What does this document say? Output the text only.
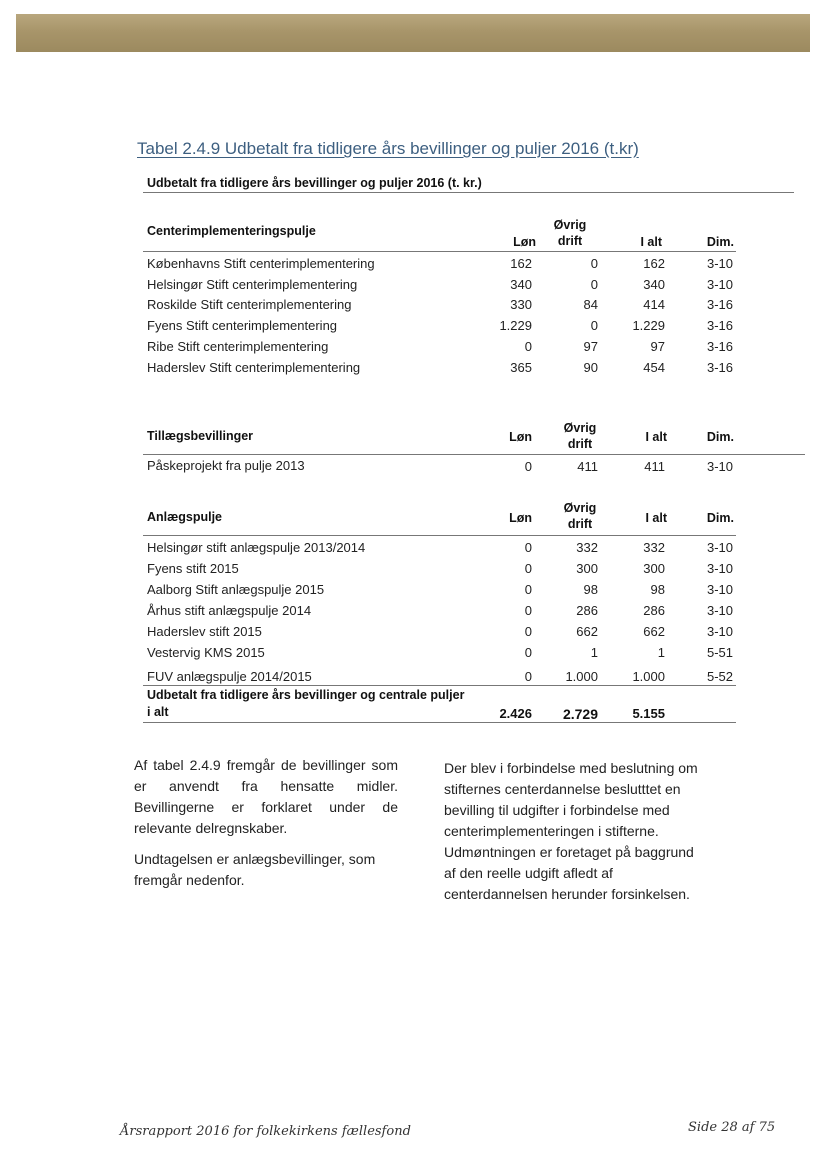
Tabel 2.4.9 Udbetalt fra tidligere års bevillinger og puljer 2016 (t.kr)
Udbetalt fra tidligere års bevillinger og puljer 2016 (t. kr.)
Centerimplementeringspulje
Løn
Øvrig
drift	I alt	Dim.
Københavns Stift centerimplementering	162	0	162	3-10
Helsingør Stift centerimplementering	340	0	340	3-10
Roskilde Stift centerimplementering	330	84	414	3-16
Fyens Stift centerimplementering	1.229	0	1.229	3-16
Ribe Stift centerimplementering	0	97	97	3-16
Haderslev Stift centerimplementering	365	90	454	3-16
Tillægsbevillinger	Løn
Øvrig
drift	I alt	Dim.
Påskeprojekt fra pulje 2013	0	411	411	3-10
Anlægspulje	Løn
Øvrig
drift	I alt	Dim.
Helsingør stift anlægspulje 2013/2014	0	332	332	3-10
Fyens stift 2015	0	300	300	3-10
Aalborg Stift anlægspulje 2015	0	98	98	3-10
Århus stift anlægspulje 2014	0	286	286	3-10
Haderslev stift 2015	0	662	662	3-10
Vestervig KMS 2015	0	1	1	5-51
FUV anlægspulje 2014/2015	0	1.000	1.000	5-52
Udbetalt fra tidligere års bevillinger og centrale puljer
i alt	2.426	2.729	5.155

Af tabel 2.4.9 fremgår de bevillinger som er anvendt fra hensatte midler. Bevillingerne er forklaret under de relevante delregnskaber.

Undtagelsen er anlægsbevillinger, som fremgår nedenfor.

Der blev i forbindelse med beslutning om stifternes centerdannelse beslutttet en bevilling til udgifter i forbindelse med centerimplementeringen i stifterne. Udmøntningen er foretaget på baggrund af den reelle udgift afledt af centerdannelsen herunder forsinkelsen.

Årsrapport 2016 for folkekirkens fællesfond	Side 28 af 75
